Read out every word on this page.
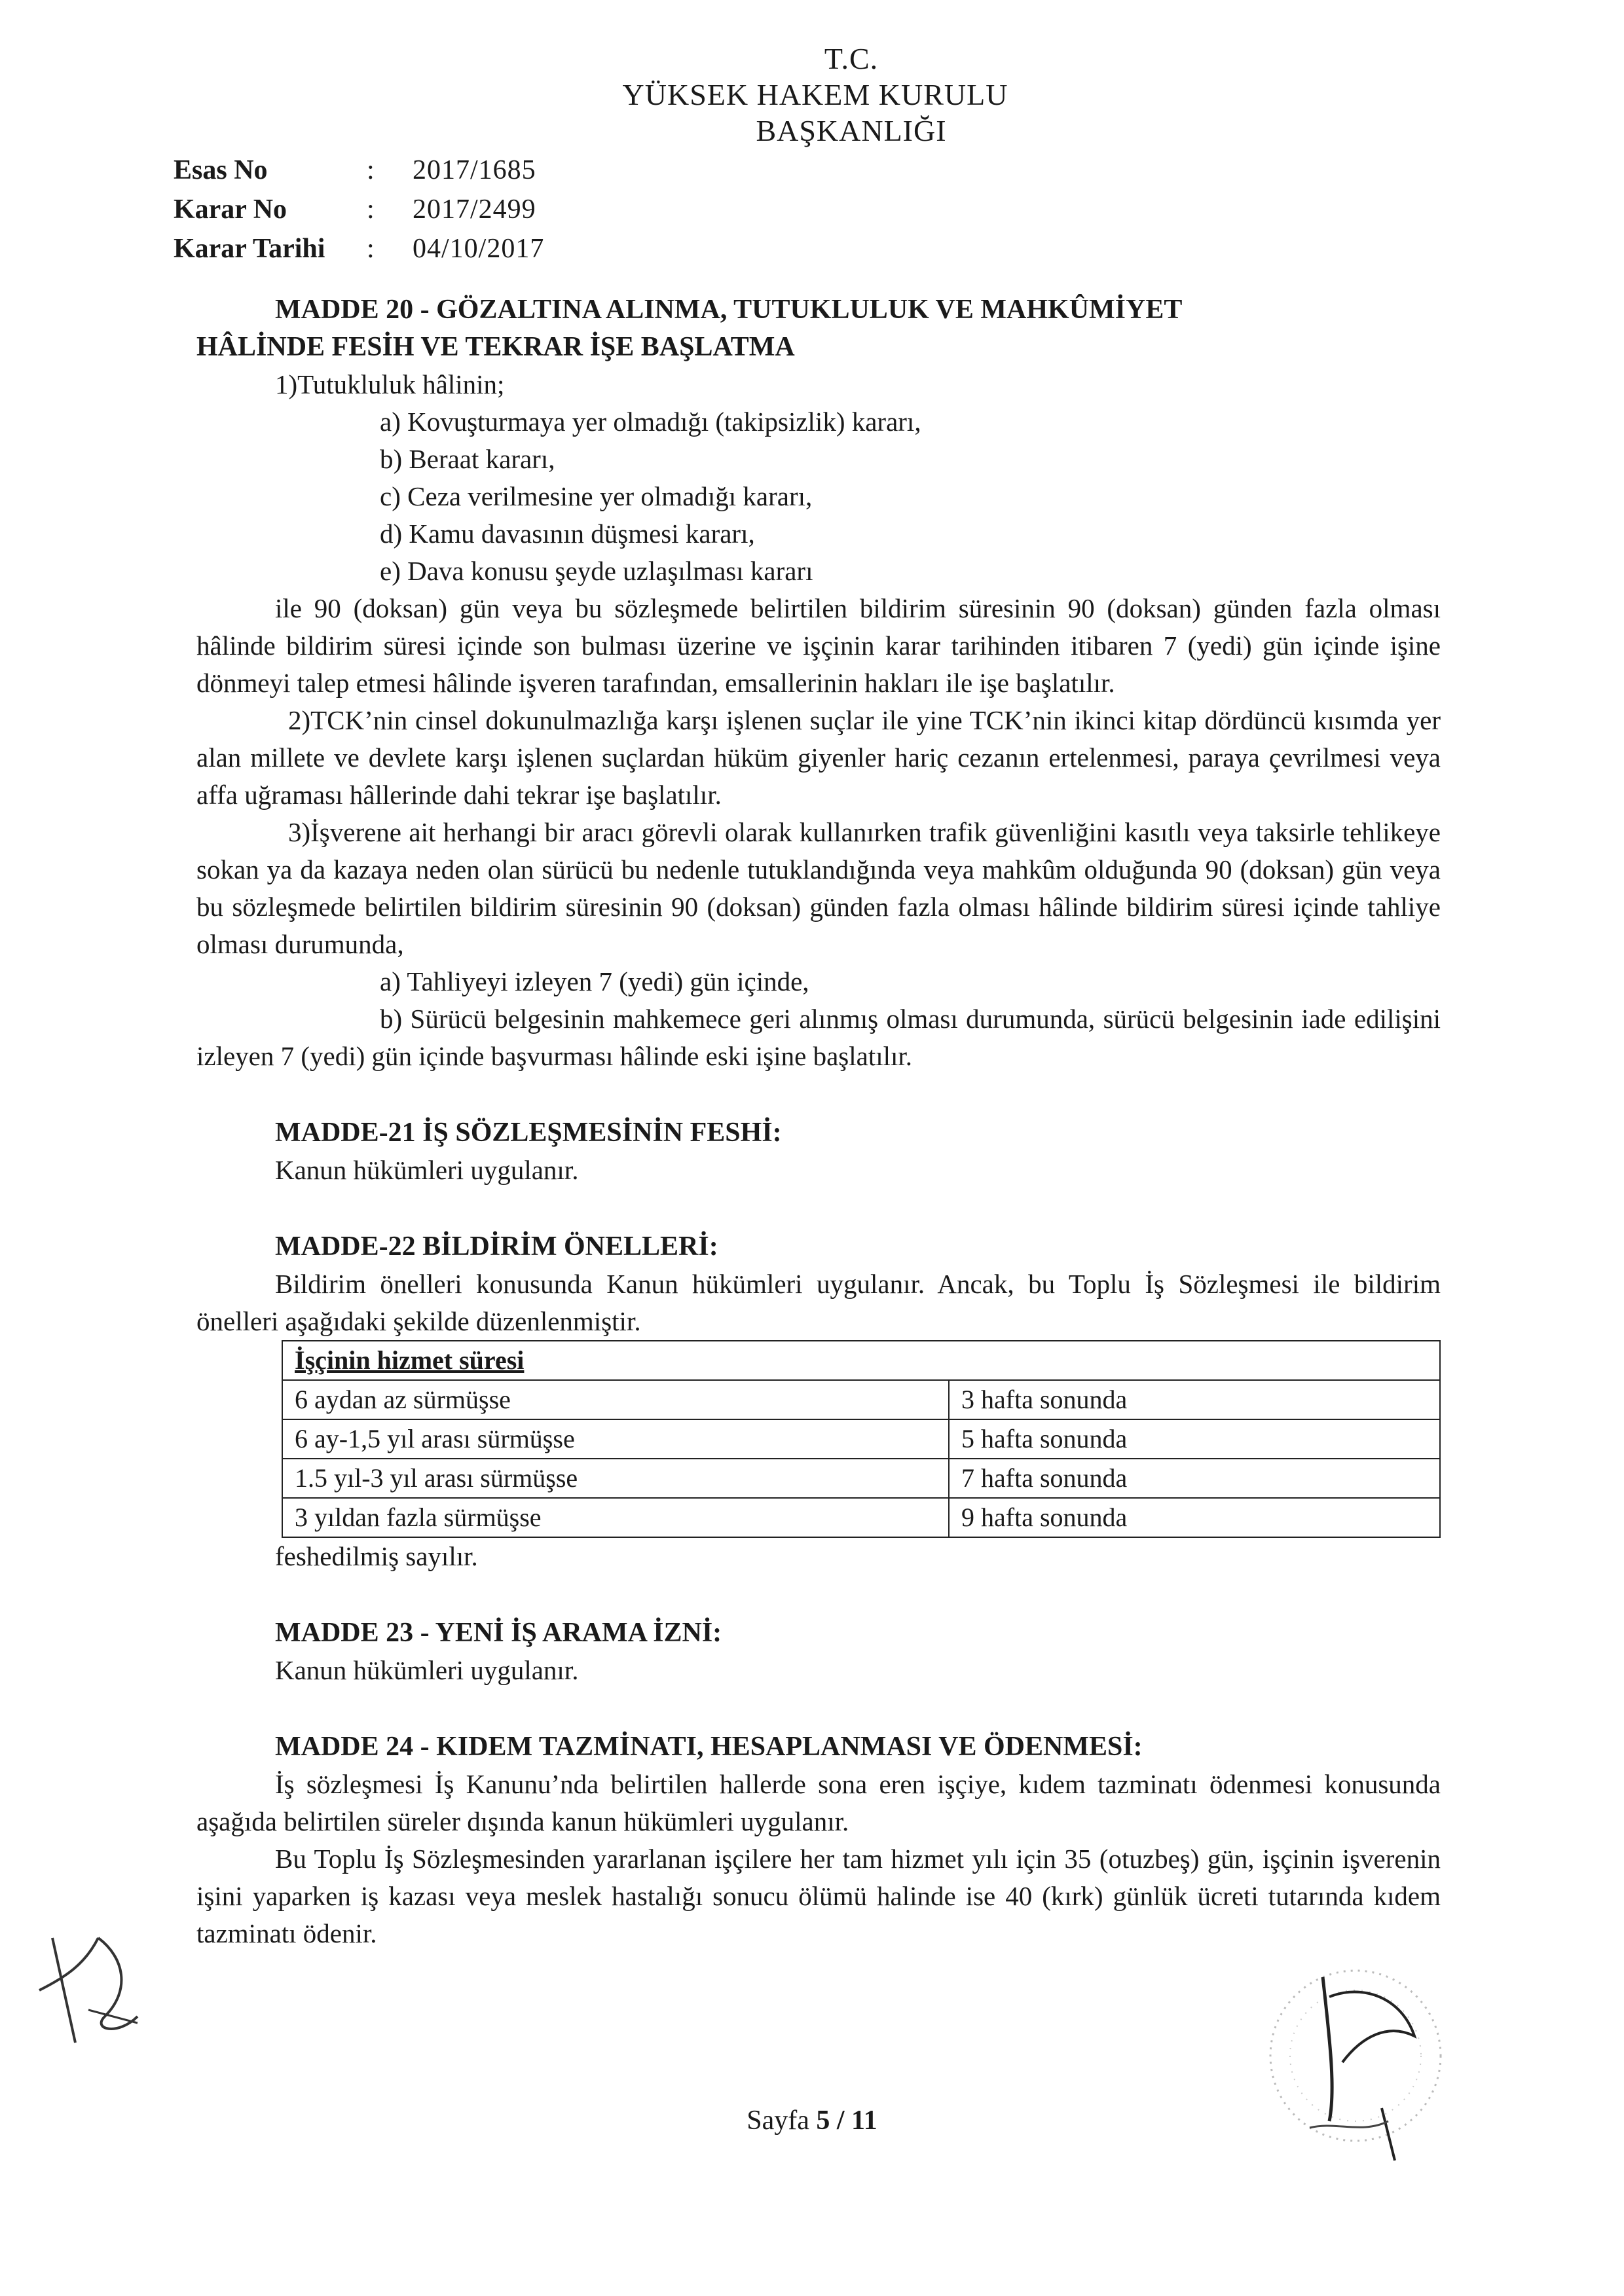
T.C.
YÜKSEK HAKEM KURULU
BAŞKANLIĞI
Esas No	:	2017/1685
Karar No	:	2017/2499
Karar Tarihi	:	04/10/2017
MADDE 20 - GÖZALTINA ALINMA, TUTUKLULUK VE MAHKÛMİYET
HÂLİNDE FESİH VE TEKRAR İŞE BAŞLATMA
1)Tutukluluk hâlinin;
a) Kovuşturmaya yer olmadığı (takipsizlik) kararı,
b) Beraat kararı,
c) Ceza verilmesine yer olmadığı kararı,
d) Kamu davasının düşmesi kararı,
e) Dava konusu şeyde uzlaşılması kararı
ile 90 (doksan) gün veya bu sözleşmede belirtilen bildirim süresinin 90 (doksan) günden fazla olması hâlinde bildirim süresi içinde son bulması üzerine ve işçinin karar tarihinden itibaren 7 (yedi) gün içinde işine dönmeyi talep etmesi hâlinde işveren tarafından, emsallerinin hakları ile işe başlatılır.
2)TCK’nin cinsel dokunulmazlığa karşı işlenen suçlar ile yine TCK’nin ikinci kitap dördüncü kısımda yer alan millete ve devlete karşı işlenen suçlardan hüküm giyenler hariç cezanın ertelenmesi, paraya çevrilmesi veya affa uğraması hâllerinde dahi tekrar işe başlatılır.
3)İşverene ait herhangi bir aracı görevli olarak kullanırken trafik güvenliğini kasıtlı veya taksirle tehlikeye sokan ya da kazaya neden olan sürücü bu nedenle tutuklandığında veya mahkûm olduğunda 90 (doksan) gün veya bu sözleşmede belirtilen bildirim süresinin 90 (doksan) günden fazla olması hâlinde bildirim süresi içinde tahliye olması durumunda,
a) Tahliyeyi izleyen 7 (yedi) gün içinde,
b) Sürücü belgesinin mahkemece geri alınmış olması durumunda, sürücü belgesinin iade edilişini izleyen 7 (yedi) gün içinde başvurması hâlinde eski işine başlatılır.
MADDE-21 İŞ SÖZLEŞMESİNİN FESHİ:
Kanun hükümleri uygulanır.
MADDE-22 BİLDİRİM ÖNELLERİ:
Bildirim önelleri konusunda Kanun hükümleri uygulanır. Ancak, bu Toplu İş Sözleşmesi ile bildirim önelleri aşağıdaki şekilde düzenlenmiştir.
İşçinin hizmet süresi	
6 aydan az sürmüşse	3 hafta sonunda
6 ay-1,5 yıl arası sürmüşse	5 hafta sonunda
1.5 yıl-3 yıl arası sürmüşse	7 hafta sonunda
3 yıldan fazla sürmüşse	9 hafta sonunda
feshedilmiş sayılır.
MADDE 23 - YENİ İŞ ARAMA İZNİ:
Kanun hükümleri uygulanır.
MADDE 24 - KIDEM TAZMİNATI, HESAPLANMASI VE ÖDENMESİ:
İş sözleşmesi İş Kanunu’nda belirtilen hallerde sona eren işçiye, kıdem tazminatı ödenmesi konusunda aşağıda belirtilen süreler dışında kanun hükümleri uygulanır.
Bu Toplu İş Sözleşmesinden yararlanan işçilere her tam hizmet yılı için 35 (otuzbeş) gün, işçinin işverenin işini yaparken iş kazası veya meslek hastalığı sonucu ölümü halinde ise 40 (kırk) günlük ücreti tutarında kıdem tazminatı ödenir.
Sayfa 5 / 11
